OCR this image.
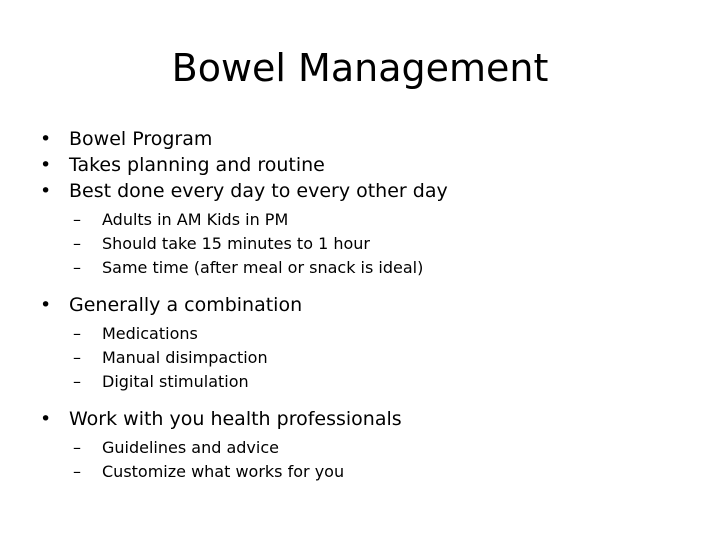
Bowel Management
• Bowel Program
• Takes planning and routine
• Best done every day to every other day
– Adults in AM Kids in PM
– Should take 15 minutes to 1 hour
– Same time (after meal or snack is ideal)
• Generally a combination
– Medications
– Manual disimpaction
– Digital stimulation
• Work with you health professionals
– Guidelines and advice
– Customize what works for you
